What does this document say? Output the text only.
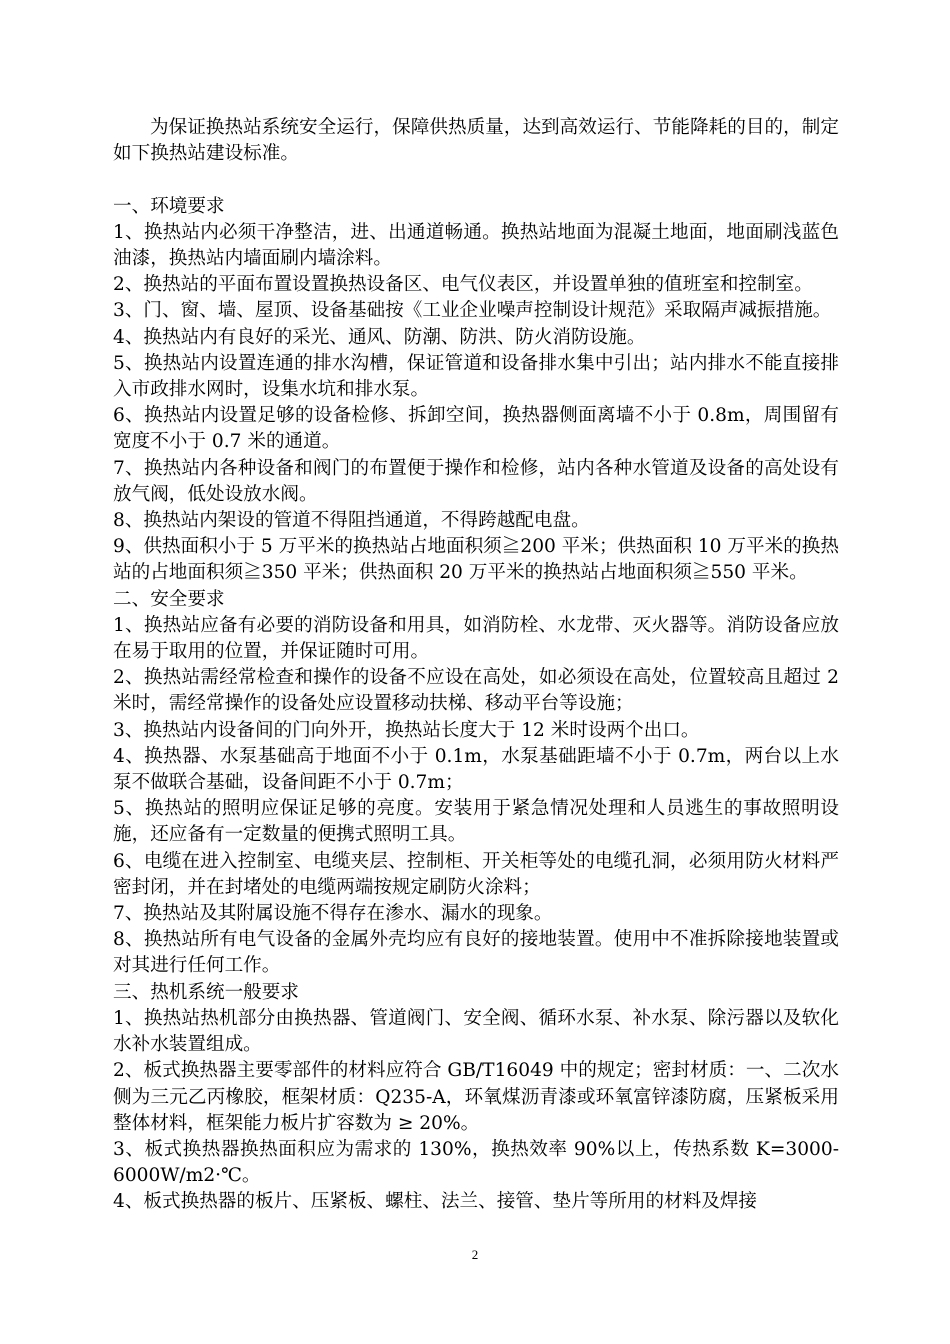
为保证换热站系统安全运行，保障供热质量，达到高效运行、节能降耗的目的，制定如下换热站建设标准。

一、环境要求

1、换热站内必须干净整洁，进、出通道畅通。换热站地面为混凝土地面，地面刷浅蓝色油漆，换热站内墙面刷内墙涂料。

2、换热站的平面布置设置换热设备区、电气仪表区，并设置单独的值班室和控制室。

3、门、窗、墙、屋顶、设备基础按《工业企业噪声控制设计规范》采取隔声减振措施。

4、换热站内有良好的采光、通风、防潮、防洪、防火消防设施。

5、换热站内设置连通的排水沟槽，保证管道和设备排水集中引出；站内排水不能直接排入市政排水网时，设集水坑和排水泵。

6、换热站内设置足够的设备检修、拆卸空间，换热器侧面离墙不小于 0.8m，周围留有宽度不小于 0.7 米的通道。

7、换热站内各种设备和阀门的布置便于操作和检修，站内各种水管道及设备的高处设有放气阀，低处设放水阀。

8、换热站内架设的管道不得阻挡通道，不得跨越配电盘。

9、供热面积小于 5 万平米的换热站占地面积须≧200 平米；供热面积 10 万平米的换热站的占地面积须≧350 平米；供热面积 20 万平米的换热站占地面积须≧550 平米。

二、安全要求

1、换热站应备有必要的消防设备和用具，如消防栓、水龙带、灭火器等。消防设备应放在易于取用的位置，并保证随时可用。

2、换热站需经常检查和操作的设备不应设在高处，如必须设在高处，位置较高且超过 2 米时，需经常操作的设备处应设置移动扶梯、移动平台等设施；

3、换热站内设备间的门向外开，换热站长度大于 12 米时设两个出口。

4、换热器、水泵基础高于地面不小于 0.1m，水泵基础距墙不小于 0.7m，两台以上水泵不做联合基础，设备间距不小于 0.7m；

5、换热站的照明应保证足够的亮度。安装用于紧急情况处理和人员逃生的事故照明设施，还应备有一定数量的便携式照明工具。

6、电缆在进入控制室、电缆夹层、控制柜、开关柜等处的电缆孔洞，必须用防火材料严密封闭，并在封堵处的电缆两端按规定刷防火涂料；

7、换热站及其附属设施不得存在渗水、漏水的现象。

8、换热站所有电气设备的金属外壳均应有良好的接地装置。使用中不准拆除接地装置或对其进行任何工作。

三、热机系统一般要求

1、换热站热机部分由换热器、管道阀门、安全阀、循环水泵、补水泵、除污器以及软化水补水装置组成。

2、板式换热器主要零部件的材料应符合 GB/T16049 中的规定；密封材质：一、二次水侧为三元乙丙橡胶，框架材质：Q235-A，环氧煤沥青漆或环氧富锌漆防腐，压紧板采用整体材料，框架能力板片扩容数为 ≥ 20%。

3、板式换热器换热面积应为需求的 130%，换热效率 90%以上，传热系数 K=3000-6000W/m2·℃。

4、板式换热器的板片、压紧板、螺柱、法兰、接管、垫片等所用的材料及焊接

2
